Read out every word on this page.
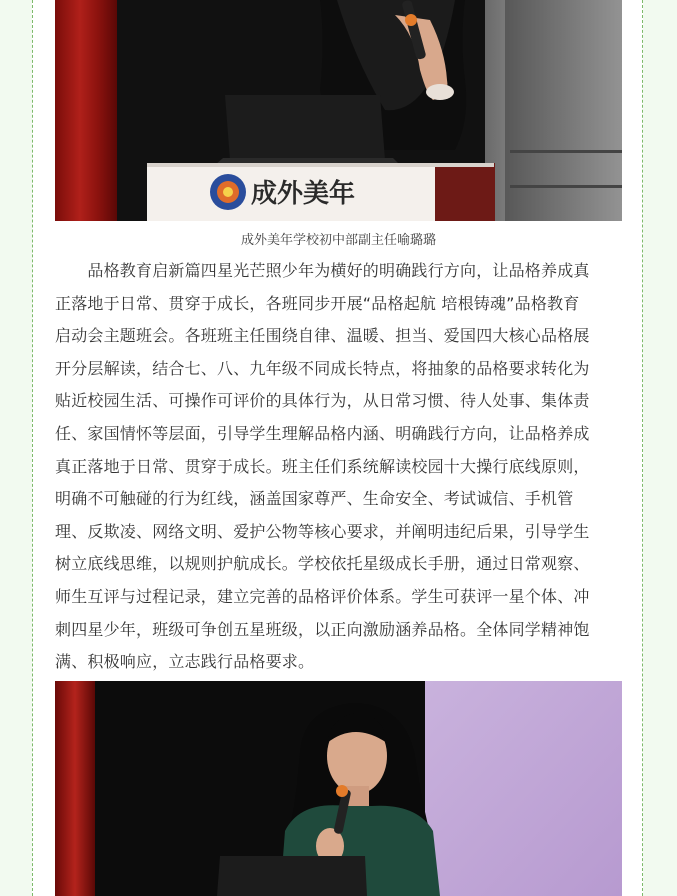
成外美年
成外美年学校初中部副主任喻璐璐
　　品格教育启新篇四星光芒照少年为横好的明确践行方向，让品格养成真
正落地于日常、贯穿于成长，各班同步开展“品格起航 培根铸魂”品格教育
启动会主题班会。各班班主任围绕自律、温暖、担当、爱国四大核心品格展
开分层解读，结合七、八、九年级不同成长特点，将抽象的品格要求转化为
贴近校园生活、可操作可评价的具体行为，从日常习惯、待人处事、集体责
任、家国情怀等层面，引导学生理解品格内涵、明确践行方向，让品格养成
真正落地于日常、贯穿于成长。班主任们系统解读校园十大操行底线原则，
明确不可触碰的行为红线，涵盖国家尊严、生命安全、考试诚信、手机管
理、反欺凌、网络文明、爱护公物等核心要求，并阐明违纪后果，引导学生
树立底线思维，以规则护航成长。学校依托星级成长手册，通过日常观察、
师生互评与过程记录，建立完善的品格评价体系。学生可获评一星个体、冲
刺四星少年，班级可争创五星班级，以正向激励涵养品格。全体同学精神饱
满、积极响应，立志践行品格要求。
